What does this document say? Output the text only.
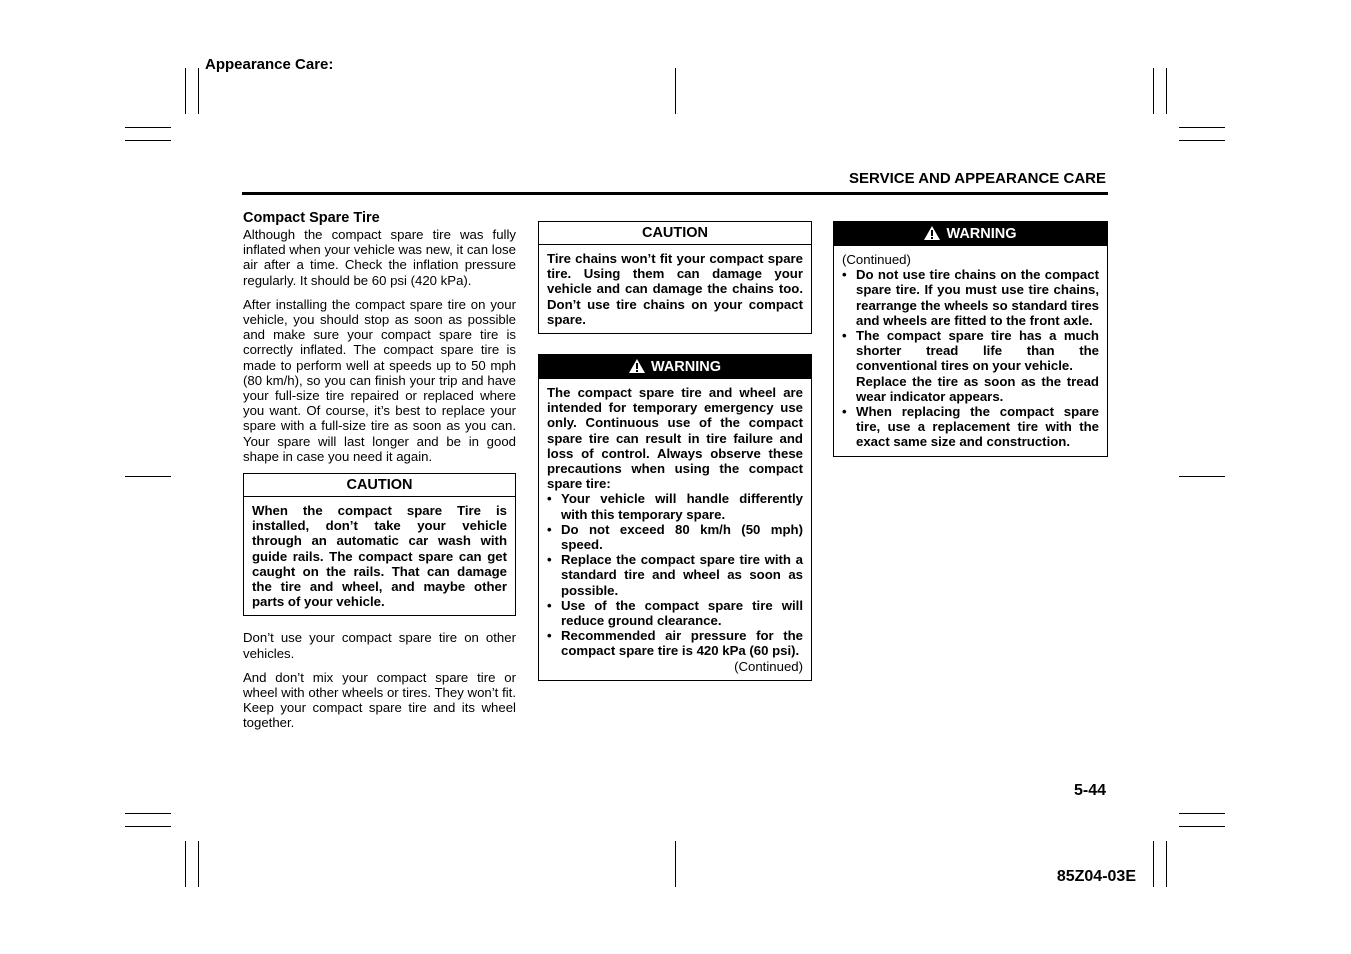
Appearance Care:
SERVICE AND APPEARANCE CARE
Compact Spare Tire

Although the compact spare tire was fully inflated when your vehicle was new, it can lose air after a time. Check the inflation pressure regularly. It should be 60 psi (420 kPa).

After installing the compact spare tire on your vehicle, you should stop as soon as possible and make sure your compact spare tire is correctly inflated. The compact spare tire is made to perform well at speeds up to 50 mph (80 km/h), so you can finish your trip and have your full-size tire repaired or replaced where you want. Of course, it’s best to replace your spare with a full-size tire as soon as you can. Your spare will last longer and be in good shape in case you need it again.

CAUTION
When the compact spare Tire is installed, don’t take your vehicle through an automatic car wash with guide rails. The compact spare can get caught on the rails. That can damage the tire and wheel, and maybe other parts of your vehicle.

Don’t use your compact spare tire on other vehicles.

And don’t mix your compact spare tire or wheel with other wheels or tires. They won’t fit. Keep your compact spare tire and its wheel together.

CAUTION
Tire chains won’t fit your compact spare tire. Using them can damage your vehicle and can damage the chains too. Don’t use tire chains on your compact spare.
WARNING
The compact spare tire and wheel are intended for temporary emergency use only. Continuous use of the compact spare tire can result in tire failure and loss of control. Always observe these precautions when using the compact spare tire:
• Your vehicle will handle differently with this temporary spare.
• Do not exceed 80 km/h (50 mph) speed.
• Replace the compact spare tire with a standard tire and wheel as soon as possible.
• Use of the compact spare tire will reduce ground clearance.
• Recommended air pressure for the compact spare tire is 420 kPa (60 psi).
(Continued)
WARNING
(Continued)
• Do not use tire chains on the compact spare tire. If you must use tire chains, rearrange the wheels so standard tires and wheels are fitted to the front axle.
• The compact spare tire has a much shorter tread life than the conventional tires on your vehicle.
Replace the tire as soon as the tread wear indicator appears.
• When replacing the compact spare tire, use a replacement tire with the exact same size and construction.
5-44
85Z04-03E
